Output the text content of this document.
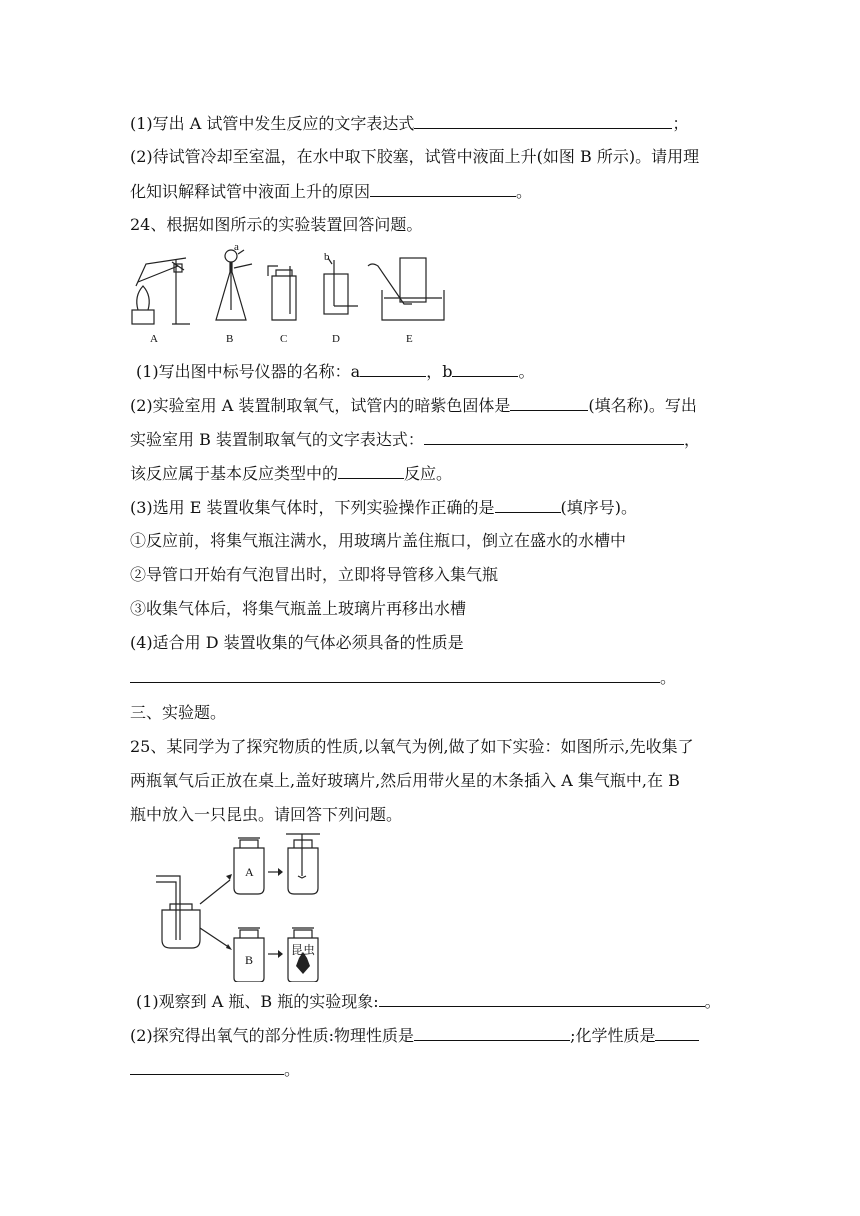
(1)写出 A 试管中发生反应的文字表达式	；
(2)待试管冷却至室温，在水中取下胶塞，试管中液面上升(如图 B 所示)。请用理
化知识解释试管中液面上升的原因	。
24、根据如图所示的实验装置回答问题。
a
b
A	B	C	D	E
(1)写出图中标号仪器的名称：a	，b	。
(2)实验室用 A 装置制取氧气，试管内的暗紫色固体是	(填名称)。写出
实验室用 B 装置制取氧气的文字表达式：	，
该反应属于基本反应类型中的	反应。
(3)选用 E 装置收集气体时，下列实验操作正确的是	(填序号)。
①反应前，将集气瓶注满水，用玻璃片盖住瓶口，倒立在盛水的水槽中
②导管口开始有气泡冒出时，立即将导管移入集气瓶
③收集气体后，将集气瓶盖上玻璃片再移出水槽
(4)适合用 D 装置收集的气体必须具备的性质是
。
三、实验题。
25、某同学为了探究物质的性质,以氧气为例,做了如下实验：如图所示,先收集了
两瓶氧气后正放在桌上,盖好玻璃片,然后用带火星的木条插入 A 集气瓶中,在 B
瓶中放入一只昆虫。请回答下列问题。
A
B
昆虫
(1)观察到 A 瓶、B 瓶的实验现象:	。
(2)探究得出氧气的部分性质:物理性质是	;化学性质是
。
